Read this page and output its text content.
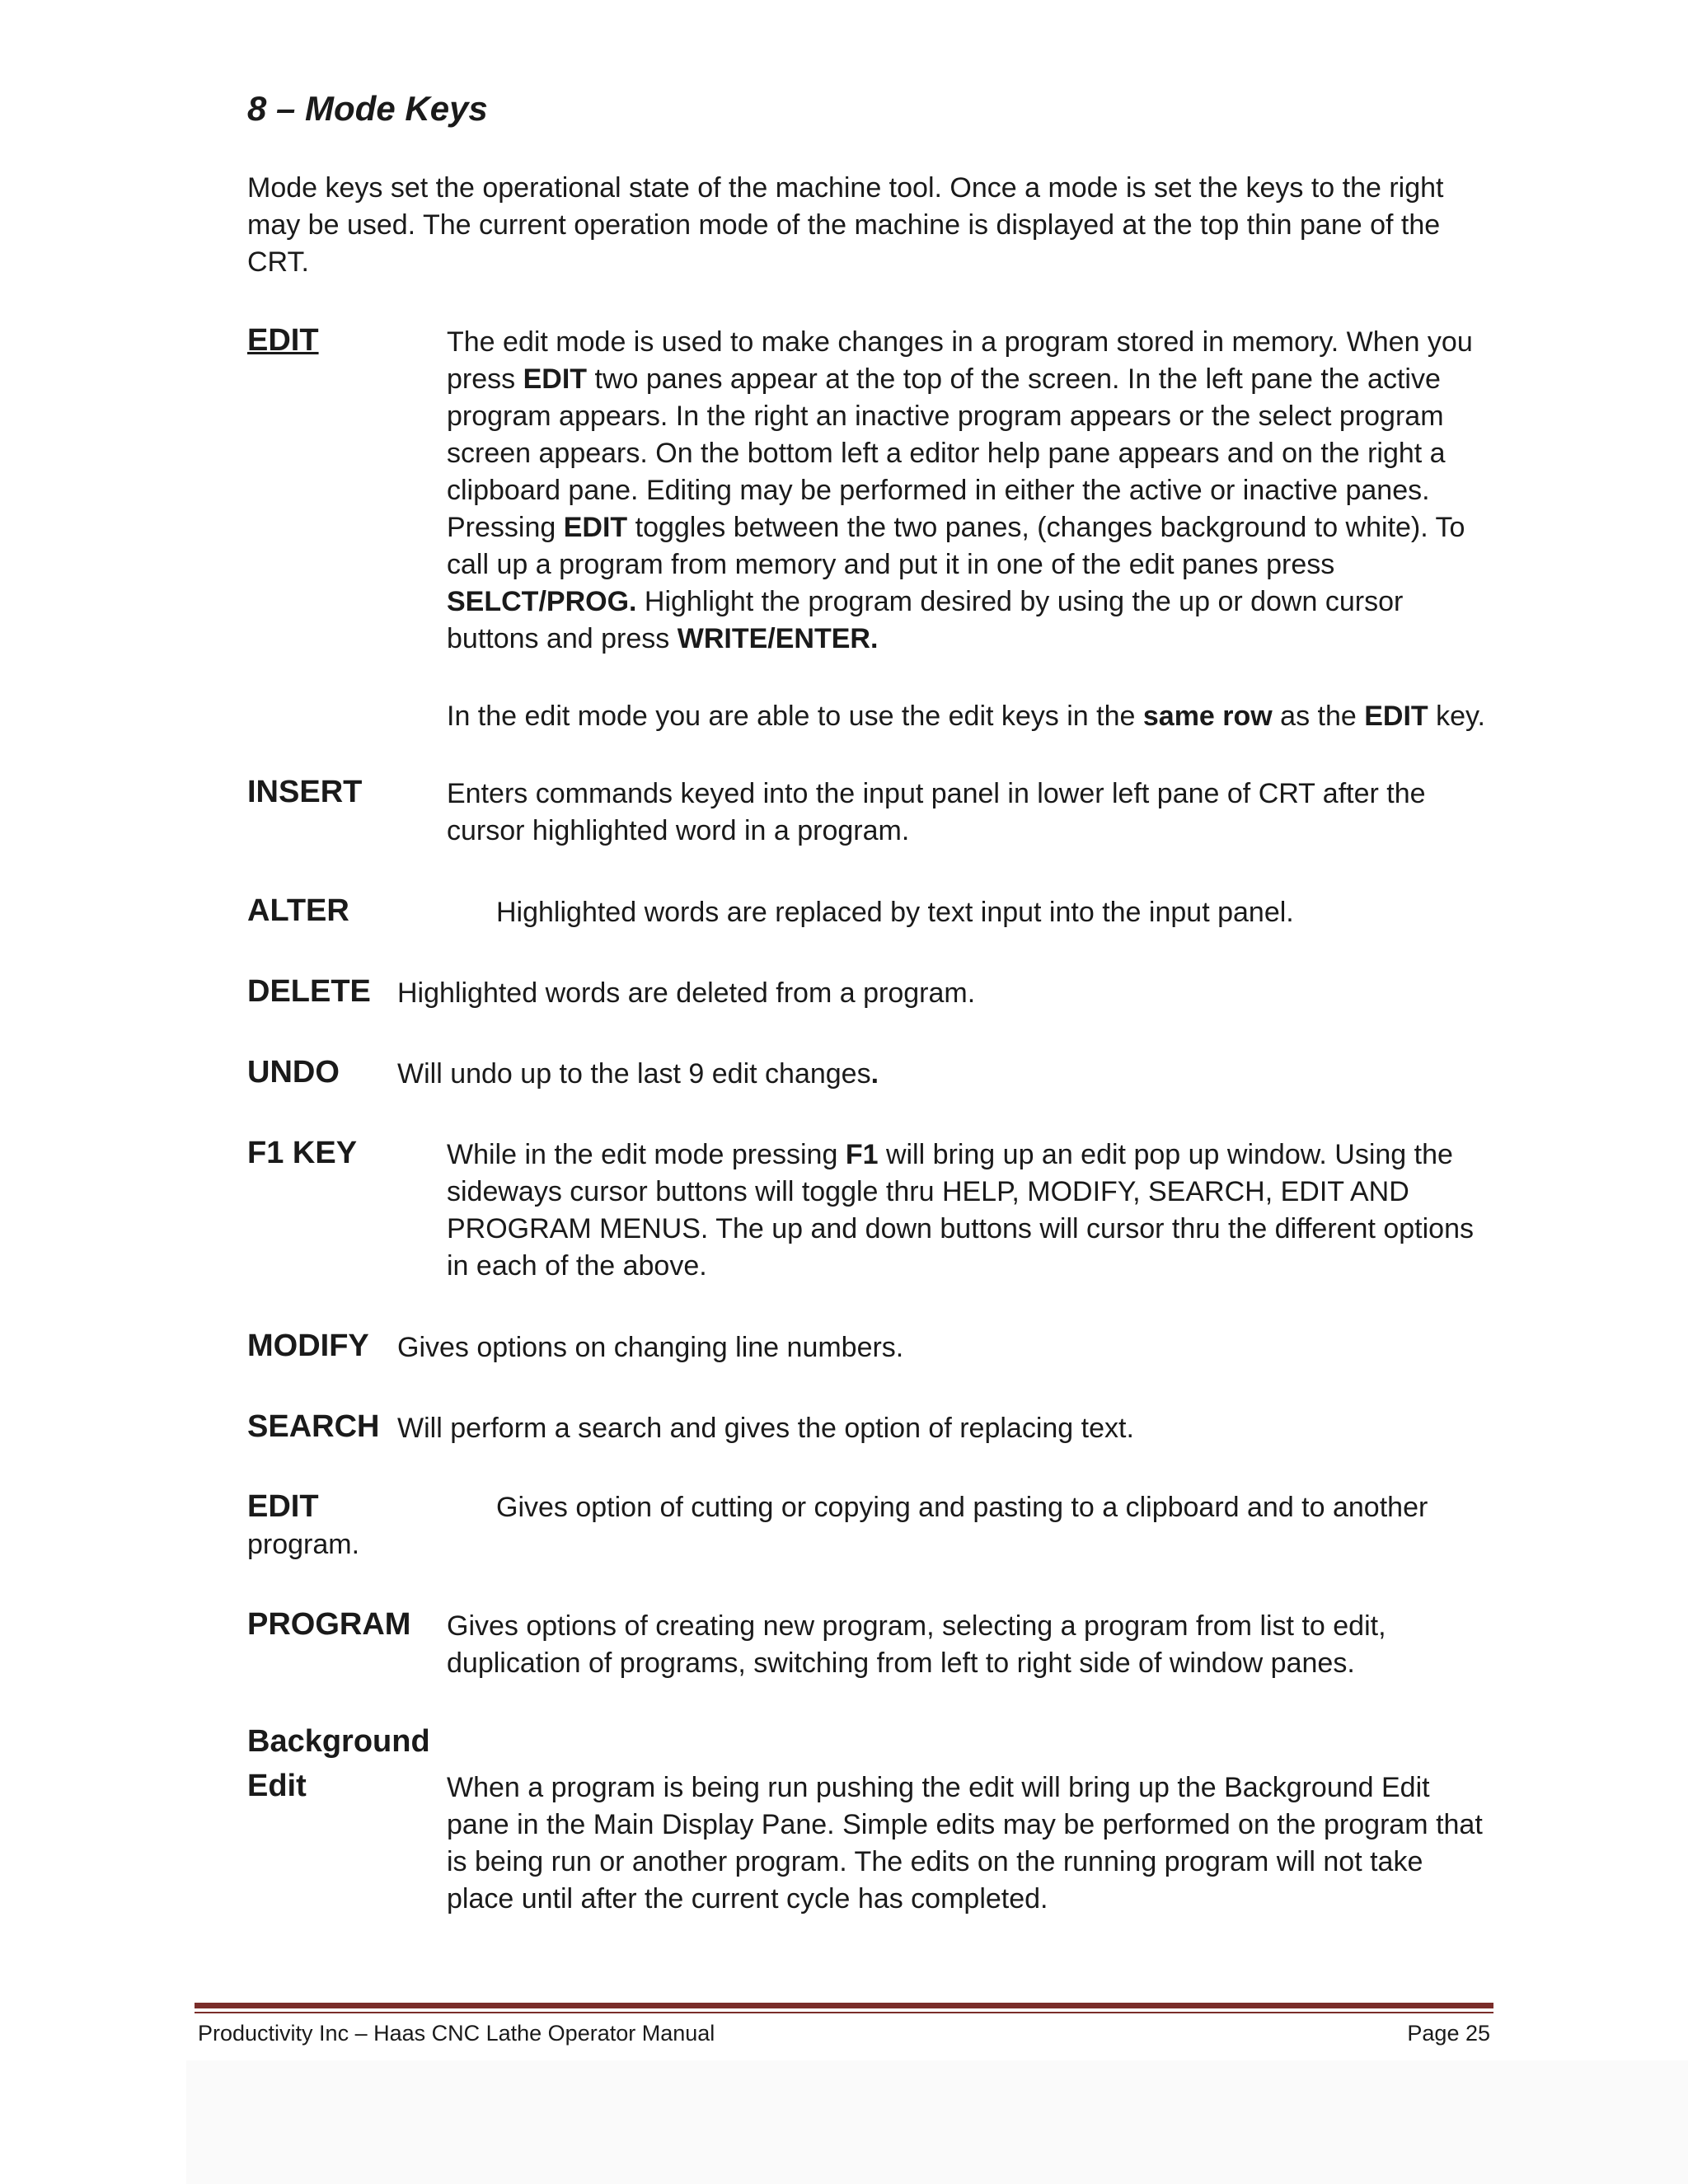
8 – Mode Keys

Mode keys set the operational state of the machine tool. Once a mode is set the keys to the right may be used. The current operation mode of the machine is displayed at the top thin pane of the CRT.

EDIT	The edit mode is used to make changes in a program stored in memory. When you press EDIT two panes appear at the top of the screen. In the left pane the active program appears. In the right an inactive program appears or the select program screen appears. On the bottom left a editor help pane appears and on the right a clipboard pane. Editing may be performed in either the active or inactive panes. Pressing EDIT toggles between the two panes, (changes background to white). To call up a program from memory and put it in one of the edit panes press SELCT/PROG. Highlight the program desired by using the up or down cursor buttons and press WRITE/ENTER.

In the edit mode you are able to use the edit keys in the same row as the EDIT key.

INSERT	Enters commands keyed into the input panel in lower left pane of CRT after the cursor highlighted word in a program.

ALTER	Highlighted words are replaced by text input into the input panel.

DELETE Highlighted words are deleted from a program.

UNDO Will undo up to the last 9 edit changes.

F1 KEY	While in the edit mode pressing F1 will bring up an edit pop up window. Using the sideways cursor buttons will toggle thru HELP, MODIFY, SEARCH, EDIT AND PROGRAM MENUS. The up and down buttons will cursor thru the different options in each of the above.

MODIFY Gives options on changing line numbers.

SEARCH Will perform a search and gives the option of replacing text.

EDIT	Gives option of cutting or copying and pasting to a clipboard and to another program.

PROGRAM Gives options of creating new program, selecting a program from list to edit, duplication of programs, switching from left to right side of window panes.

Background
Edit	When a program is being run pushing the edit will bring up the Background Edit pane in the Main Display Pane. Simple edits may be performed on the program that is being run or another program. The edits on the running program will not take place until after the current cycle has completed.

Productivity Inc – Haas CNC Lathe Operator Manual	Page 25
